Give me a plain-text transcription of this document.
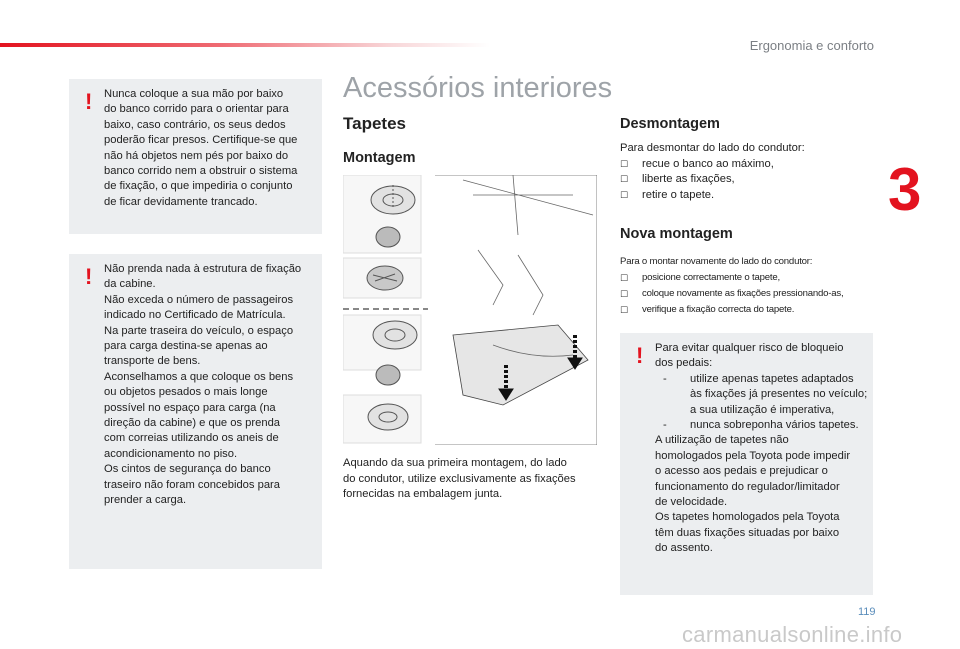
Ergonomia e conforto
3
! Nunca coloque a sua mão por baixo
do banco corrido para o orientar para
baixo, caso contrário, os seus dedos
poderão ficar presos. Certifique-se que
não há objetos nem pés por baixo do
banco corrido nem a obstruir o sistema
de fixação, o que impediria o conjunto
de ficar devidamente trancado.
! Não prenda nada à estrutura de fixação
da cabine.
Não exceda o número de passageiros
indicado no Certificado de Matrícula.
Na parte traseira do veículo, o espaço
para carga destina-se apenas ao
transporte de bens.
Aconselhamos a que coloque os bens
ou objetos pesados o mais longe
possível no espaço para carga (na
direção da cabine) e que os prenda
com correias utilizando os aneis de
acondicionamento no piso.
Os cintos de segurança do banco
traseiro não foram concebidos para
prender a carga.
Acessórios interiores
Tapetes
Montagem
Aquando da sua primeira montagem, do lado
do condutor, utilize exclusivamente as fixações
fornecidas na embalagem junta.
Desmontagem
Para desmontar do lado do condutor:
☐ recue o banco ao máximo,
☐ liberte as fixações,
☐ retire o tapete.
Nova montagem
Para o montar novamente do lado do condutor:
☐ posicione correctamente o tapete,
☐ coloque novamente as fixações pressionando-as,
☐ verifique a fixação correcta do tapete.
! Para evitar qualquer risco de bloqueio
dos pedais:
- utilize apenas tapetes adaptados
às fixações já presentes no veículo;
a sua utilização é imperativa,
- nunca sobreponha vários tapetes.
A utilização de tapetes não
homologados pela Toyota pode impedir
o acesso aos pedais e prejudicar o
funcionamento do regulador/limitador
de velocidade.
Os tapetes homologados pela Toyota
têm duas fixações situadas por baixo
do assento.
119
carmanualsonline.info
